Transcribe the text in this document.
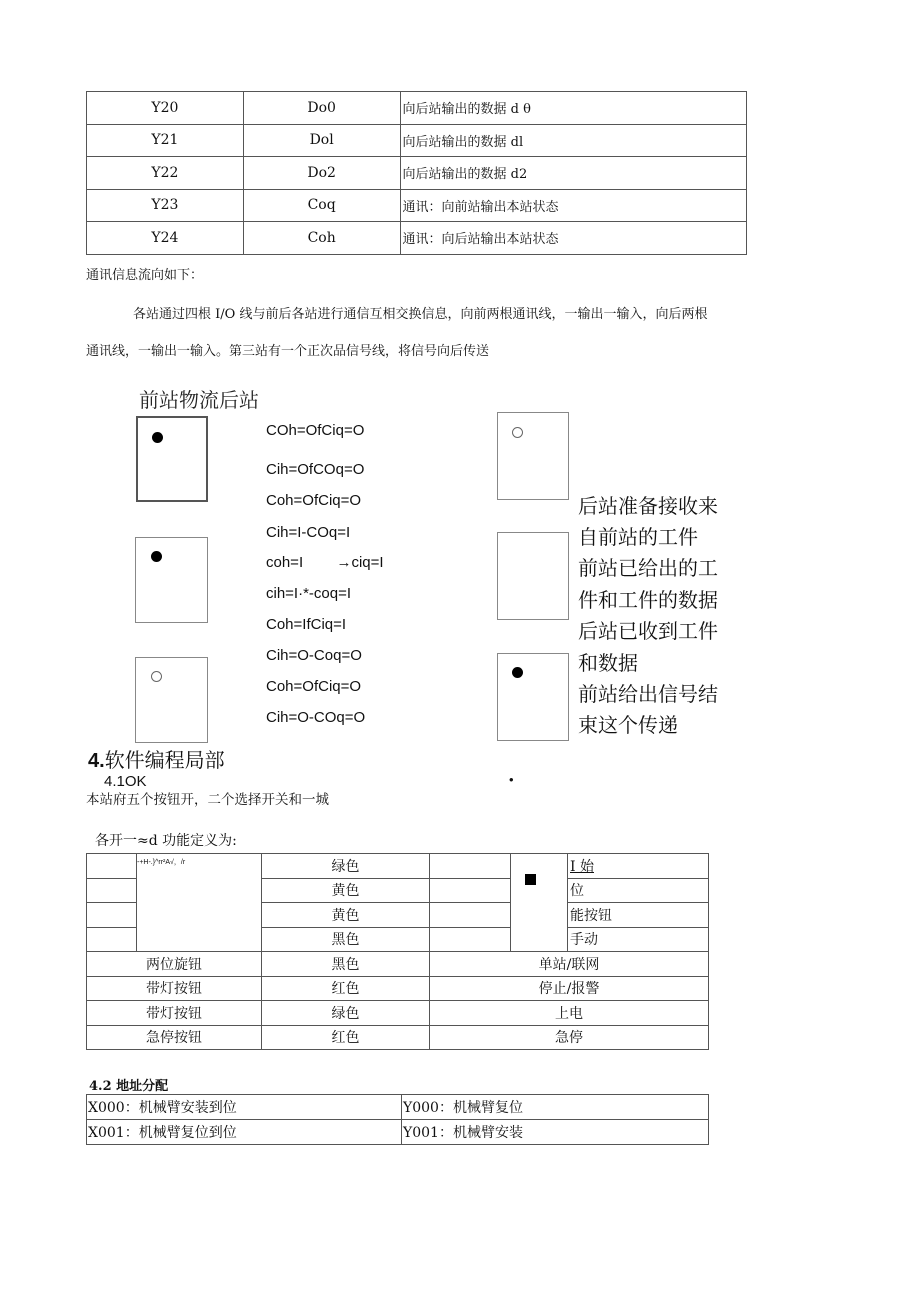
Y20	Do0	向后站输出的数据 d θ
Y21	Dol	向后站输出的数据 dl
Y22	Do2	向后站输出的数据 d2
Y23	Coq	通讯：向前站输出本站状态
Y24	Coh	通讯：向后站输出本站状态
通讯信息流向如下：
各站通过四根 I/O 线与前后各站进行通信互相交换信息，向前两根通讯线，一输出一输入，向后两根
通讯线，一输出一输入。第三站有一个正次品信号线，将信号向后传送
前站物流后站
COh=OfCiq=O
Cih=OfCOq=O
Coh=OfCiq=O
Cih=I-COq=I
coh=I        →ciq=I
cih=I·*-coq=I
Coh=IfCiq=I
Cih=O-Coq=O
Coh=OfCiq=O
Cih=O-COq=O
后站准备接收来
自前站的工件
前站已给出的工
件和工件的数据
后站已收到工件
和数据
前站给出信号结
束这个传递
4.软件编程局部
4.1OK	•
本站府五个按钮开，二个选择开关和一城
各开一≈d 功能定义为:

	-+H-.}^rr²A√，/r	绿色			I 始
		黄色			位
		黄色			能按钮
		黑色			手动
两位旋钮		黑色	单站/联网		
带灯按钮		红色	停止/报警		
带灯按钮		绿色	上电		
急停按钮		红色	急停		
4.2 地址分配
X000：机械臂安装到位	Y000：机械臂复位
X001：机械臂复位到位	Y001：机械臂安装
